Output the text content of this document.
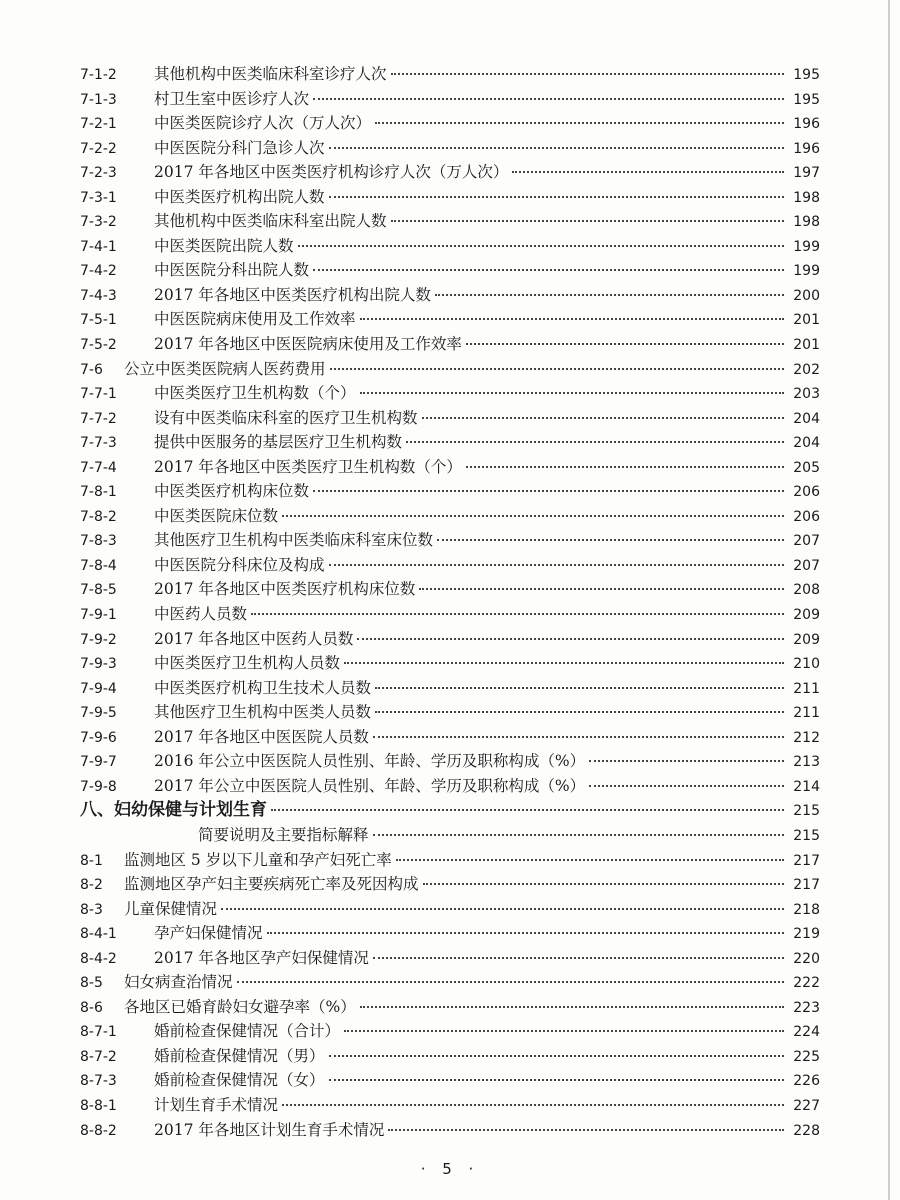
7-1-2	其他机构中医类临床科室诊疗人次	195
7-1-3	村卫生室中医诊疗人次	195
7-2-1	中医类医院诊疗人次（万人次）	196
7-2-2	中医医院分科门急诊人次	196
7-2-3	2017 年各地区中医类医疗机构诊疗人次（万人次）	197
7-3-1	中医类医疗机构出院人数	198
7-3-2	其他机构中医类临床科室出院人数	198
7-4-1	中医类医院出院人数	199
7-4-2	中医医院分科出院人数	199
7-4-3	2017 年各地区中医类医疗机构出院人数	200
7-5-1	中医医院病床使用及工作效率	201
7-5-2	2017 年各地区中医医院病床使用及工作效率	201
7-6	公立中医类医院病人医药费用	202
7-7-1	中医类医疗卫生机构数（个）	203
7-7-2	设有中医类临床科室的医疗卫生机构数	204
7-7-3	提供中医服务的基层医疗卫生机构数	204
7-7-4	2017 年各地区中医类医疗卫生机构数（个）	205
7-8-1	中医类医疗机构床位数	206
7-8-2	中医类医院床位数	206
7-8-3	其他医疗卫生机构中医类临床科室床位数	207
7-8-4	中医医院分科床位及构成	207
7-8-5	2017 年各地区中医类医疗机构床位数	208
7-9-1	中医药人员数	209
7-9-2	2017 年各地区中医药人员数	209
7-9-3	中医类医疗卫生机构人员数	210
7-9-4	中医类医疗机构卫生技术人员数	211
7-9-5	其他医疗卫生机构中医类人员数	211
7-9-6	2017 年各地区中医医院人员数	212
7-9-7	2016 年公立中医医院人员性别、年龄、学历及职称构成（%）	213
7-9-8	2017 年公立中医医院人员性别、年龄、学历及职称构成（%）	214
八、妇幼保健与计划生育	215
简要说明及主要指标解释	215
8-1	监测地区 5 岁以下儿童和孕产妇死亡率	217
8-2	监测地区孕产妇主要疾病死亡率及死因构成	217
8-3	儿童保健情况	218
8-4-1	孕产妇保健情况	219
8-4-2	2017 年各地区孕产妇保健情况	220
8-5	妇女病查治情况	222
8-6	各地区已婚育龄妇女避孕率（%）	223
8-7-1	婚前检查保健情况（合计）	224
8-7-2	婚前检查保健情况（男）	225
8-7-3	婚前检查保健情况（女）	226
8-8-1	计划生育手术情况	227
8-8-2	2017 年各地区计划生育手术情况	228
· 5 ·
